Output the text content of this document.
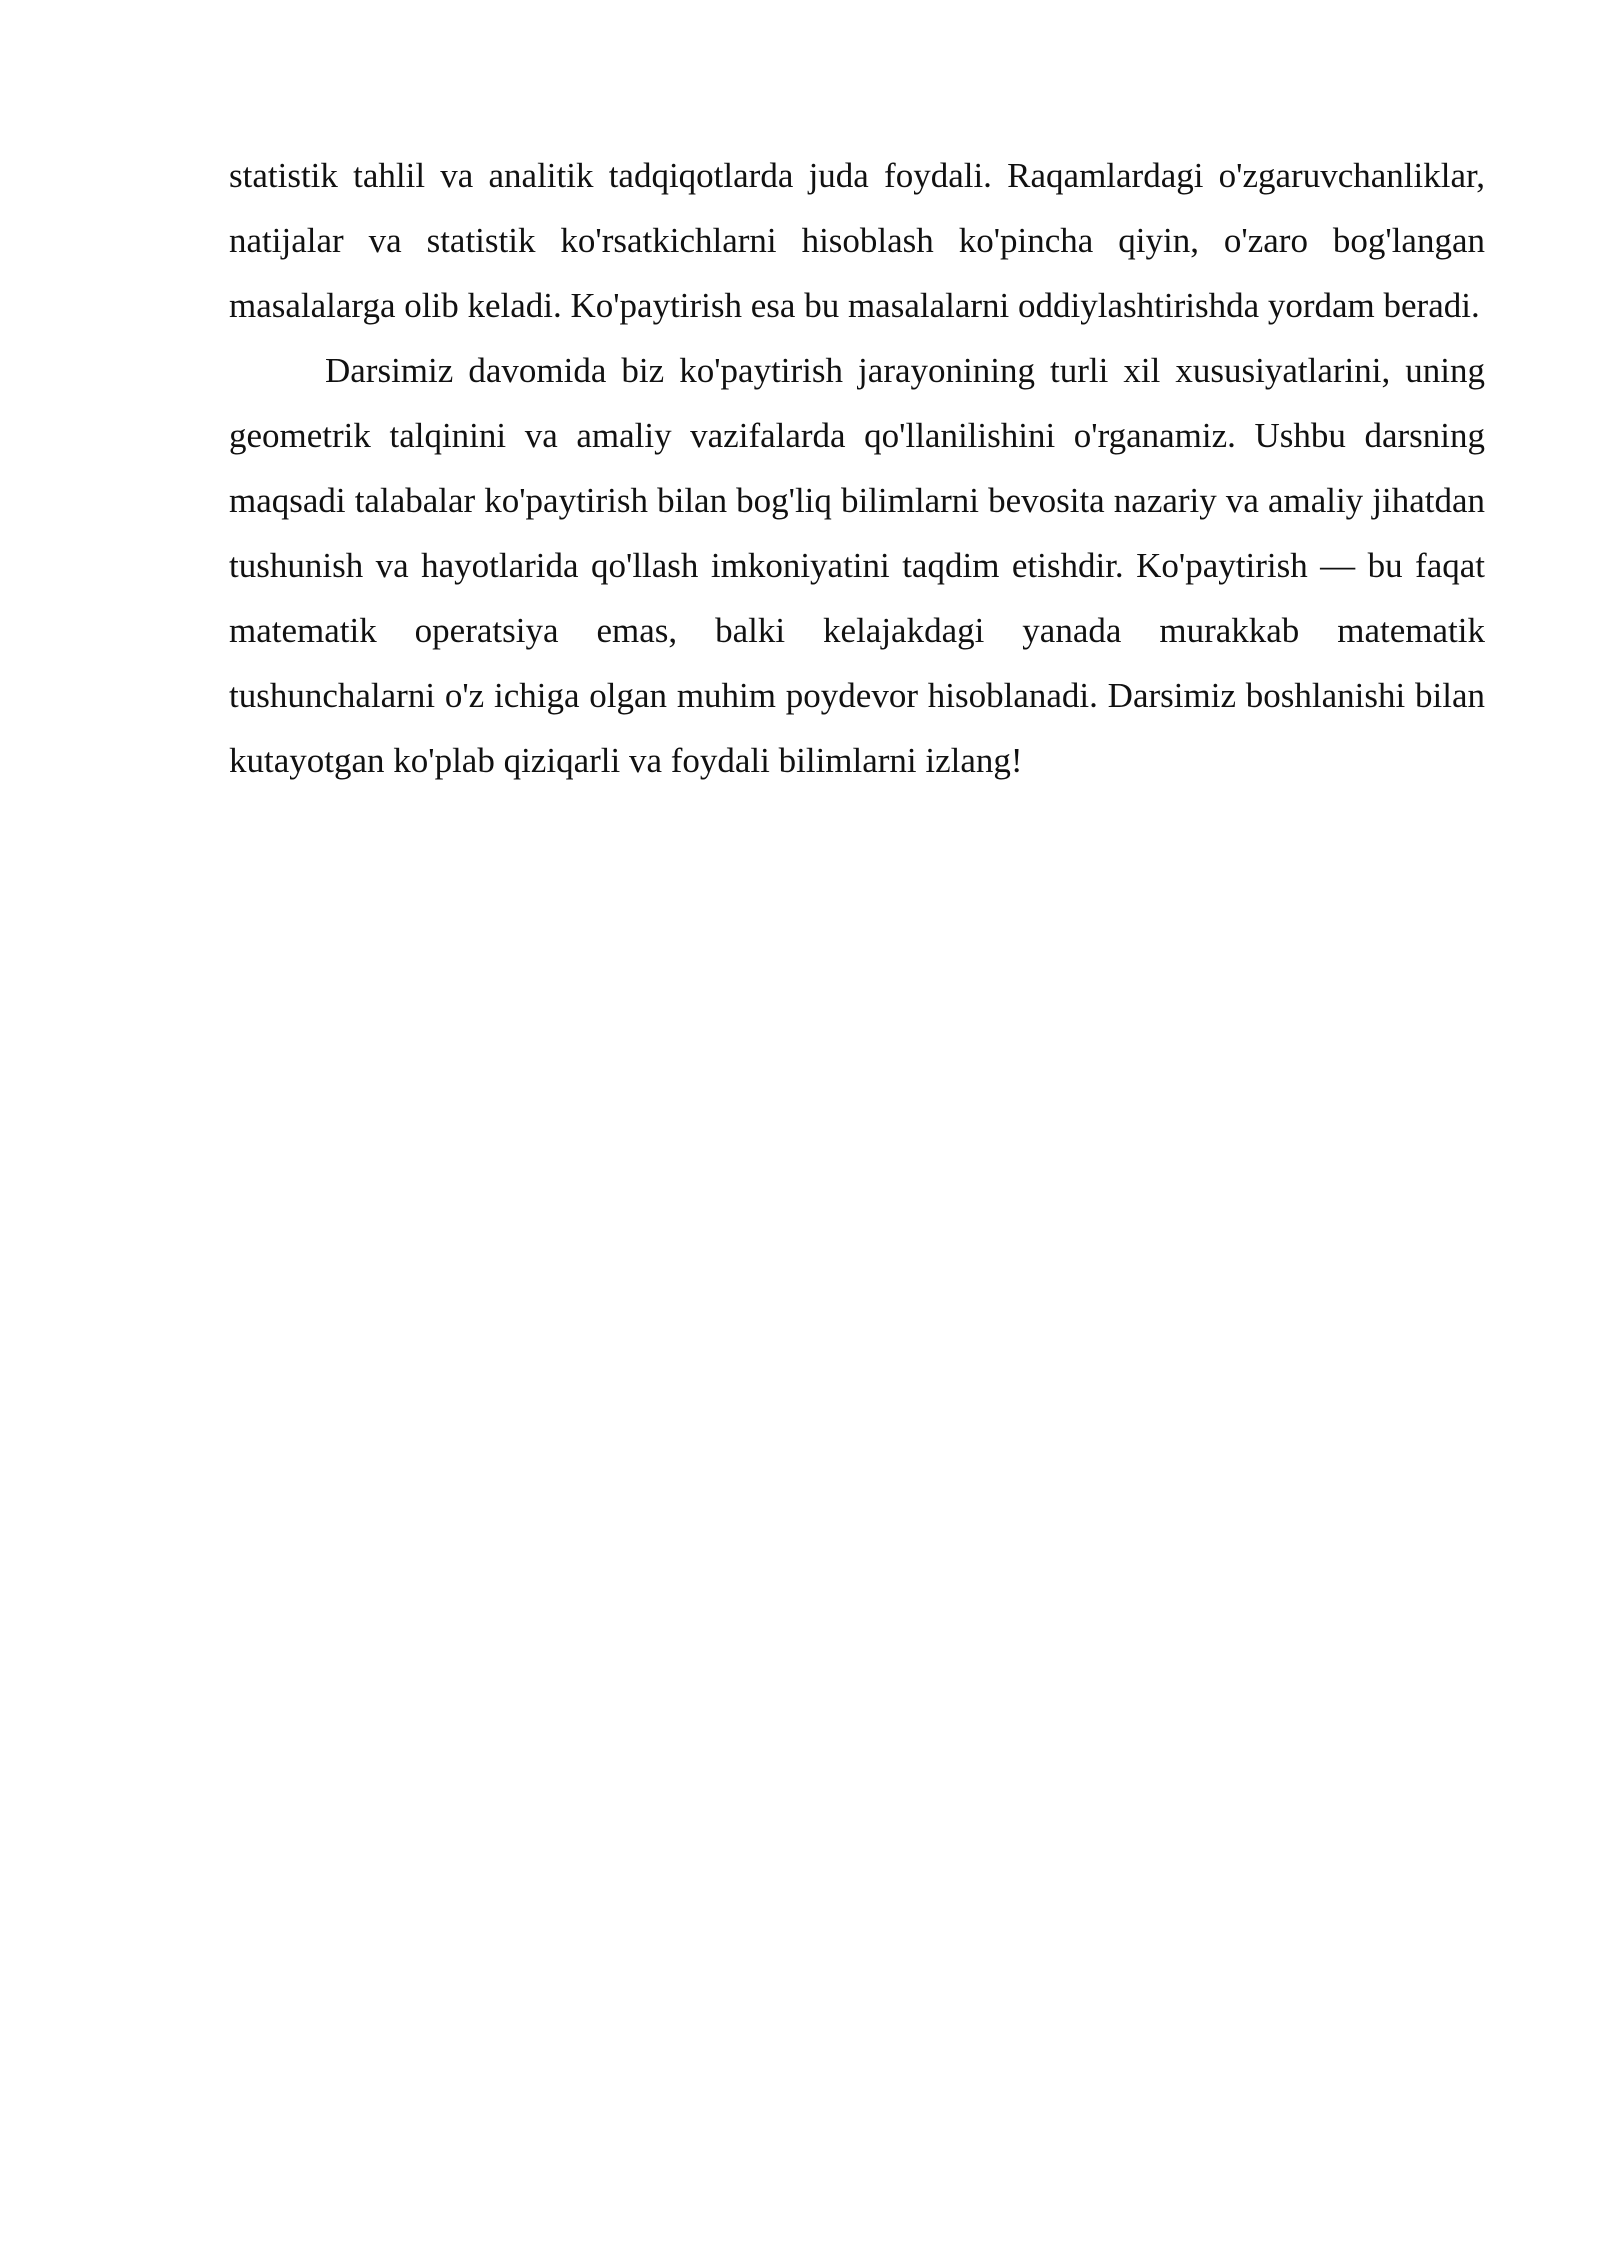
statistik tahlil va analitik tadqiqotlarda juda foydali. Raqamlardagi o'zgaruvchanliklar, natijalar va statistik ko'rsatkichlarni hisoblash ko'pincha qiyin, o'zaro bog'langan masalalarga olib keladi. Ko'paytirish esa bu masalalarni oddiylashtirishda yordam beradi.

Darsimiz davomida biz ko'paytirish jarayonining turli xil xususiyatlarini, uning geometrik talqinini va amaliy vazifalarda qo'llanilishini o'rganamiz. Ushbu darsning maqsadi talabalar ko'paytirish bilan bog'liq bilimlarni bevosita nazariy va amaliy jihatdan tushunish va hayotlarida qo'llash imkoniyatini taqdim etishdir. Ko'paytirish — bu faqat matematik operatsiya emas, balki kelajakdagi yanada murakkab matematik tushunchalarni o'z ichiga olgan muhim poydevor hisoblanadi. Darsimiz boshlanishi bilan kutayotgan ko'plab qiziqarli va foydali bilimlarni izlang!
